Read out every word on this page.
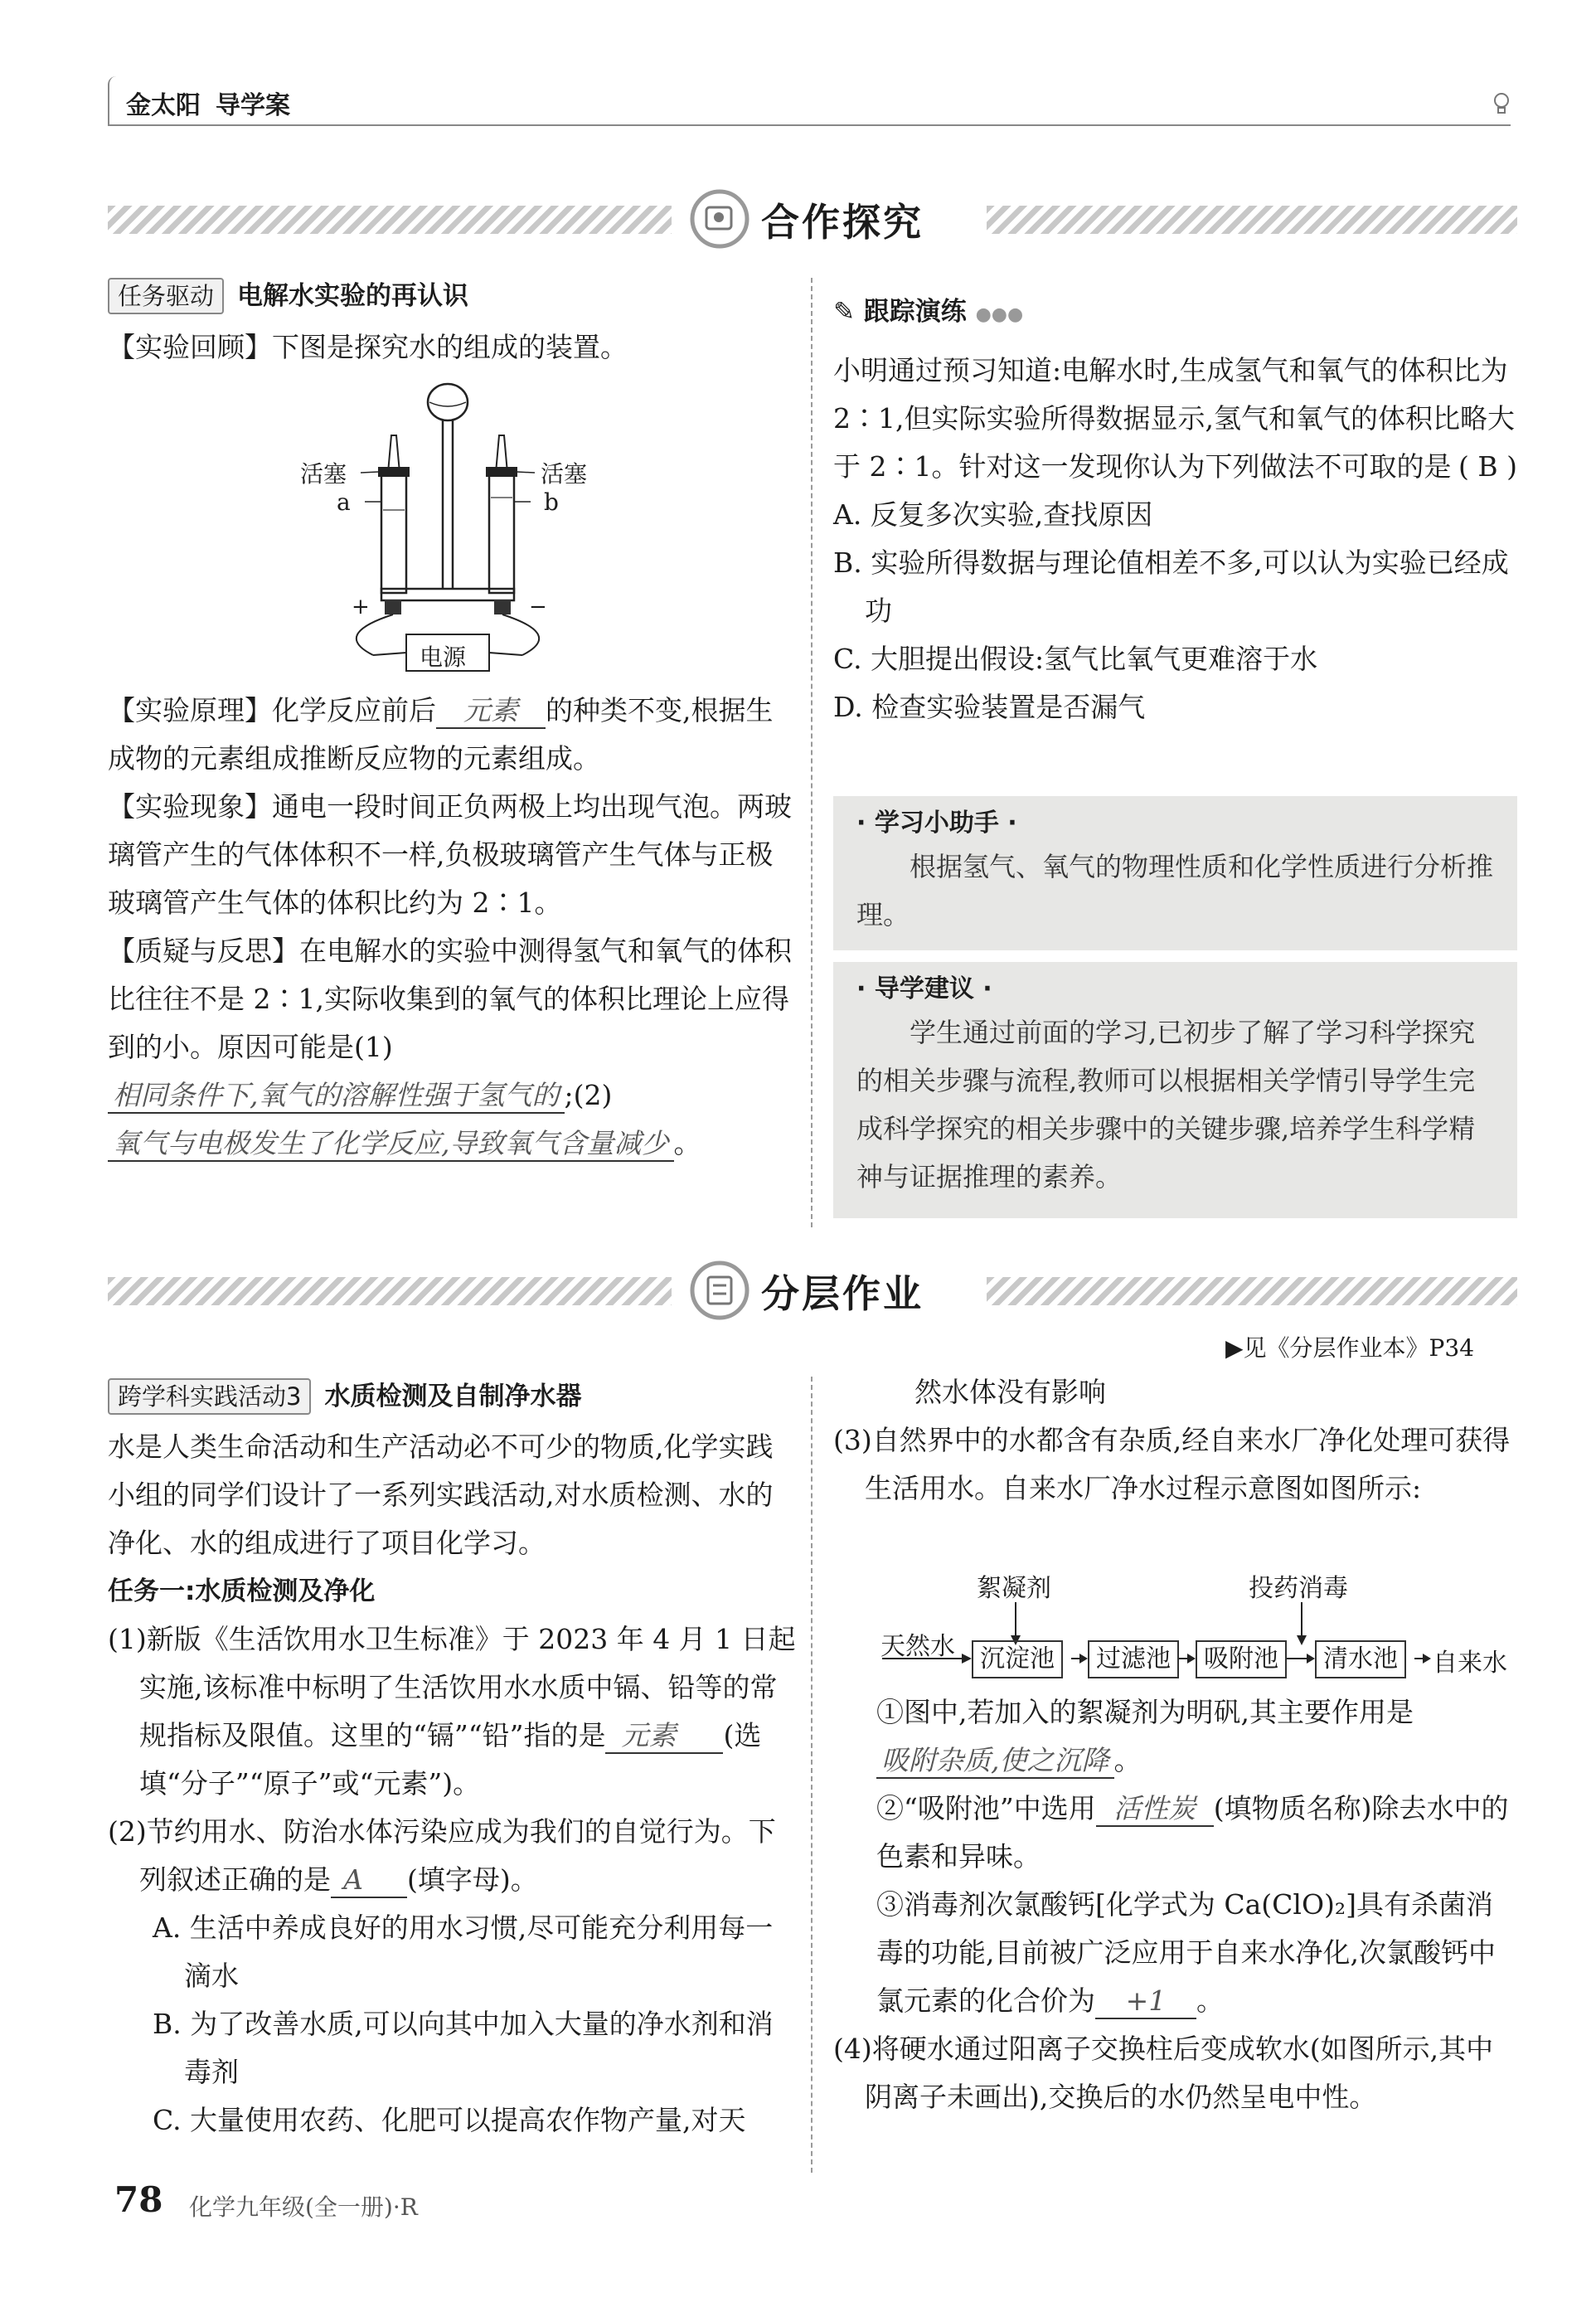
金太阳 导学案
合作探究
任务驱动 电解水实验的再认识

【实验回顾】下图是探究水的组成的装置。

活塞	活塞
a	b
+	−
电源

【实验原理】化学反应前后 元素 的种类不变,根据生成物的元素组成推断反应物的元素组成。

【实验现象】通电一段时间正负两极上均出现气泡。两玻璃管产生的气体体积不一样,负极玻璃管产生气体与正极玻璃管产生气体的体积比约为 2∶1。

【质疑与反思】在电解水的实验中测得氢气和氧气的体积比往往不是 2∶1,实际收集到的氧气的体积比理论上应得到的小。原因可能是(1)相同条件下,氧气的溶解性强于氢气的 ;(2)氧气与电极发生了化学反应,导致氧气含量减少 。

✎ 跟踪演练 ●●●

小明通过预习知道:电解水时,生成氢气和氧气的体积比为 2∶1,但实际实验所得数据显示,氢气和氧气的体积比略大于 2∶1。针对这一发现你认为下列做法不可取的是 ( B )

A. 反复多次实验,查找原因

B. 实验所得数据与理论值相差不多,可以认为实验已经成功

C. 大胆提出假设:氢气比氧气更难溶于水

D. 检查实验装置是否漏气

· 学习小助手 ·

根据氢气、氧气的物理性质和化学性质进行分析推理。

· 导学建议 ·

学生通过前面的学习,已初步了解了学习科学探究的相关步骤与流程,教师可以根据相关学情引导学生完成科学探究的相关步骤中的关键步骤,培养学生科学精神与证据推理的素养。

分层作业
▶见《分层作业本》P34
跨学科实践活动3 水质检测及自制净水器

水是人类生命活动和生产活动必不可少的物质,化学实践小组的同学们设计了一系列实践活动,对水质检测、水的净化、水的组成进行了项目化学习。

任务一:水质检测及净化

(1)新版《生活饮用水卫生标准》于 2023 年 4 月 1 日起实施,该标准中标明了生活饮用水水质中镉、铅等的常规指标及限值。这里的“镉”“铅”指的是 元素 (选填“分子”“原子”或“元素”)。

(2)节约用水、防治水体污染应成为我们的自觉行为。下列叙述正确的是 A (填字母)。

A. 生活中养成良好的用水习惯,尽可能充分利用每一滴水

B. 为了改善水质,可以向其中加入大量的净水剂和消毒剂

C. 大量使用农药、化肥可以提高农作物产量,对天

然水体没有影响

(3)自然界中的水都含有杂质,经自来水厂净化处理可获得生活用水。自来水厂净水过程示意图如图所示:

絮凝剂	投药消毒
天然水	沉淀池	过滤池	吸附池	清水池	自来水

①图中,若加入的絮凝剂为明矾,其主要作用是吸附杂质,使之沉降 。

②“吸附池”中选用 活性炭 (填物质名称)除去水中的色素和异味。

③消毒剂次氯酸钙[化学式为 Ca(ClO)₂]具有杀菌消毒的功能,目前被广泛应用于自来水净化,次氯酸钙中氯元素的化合价为 +1 。

(4)将硬水通过阳离子交换柱后变成软水(如图所示,其中阴离子未画出),交换后的水仍然呈电中性。

78 化学九年级(全一册)·R
